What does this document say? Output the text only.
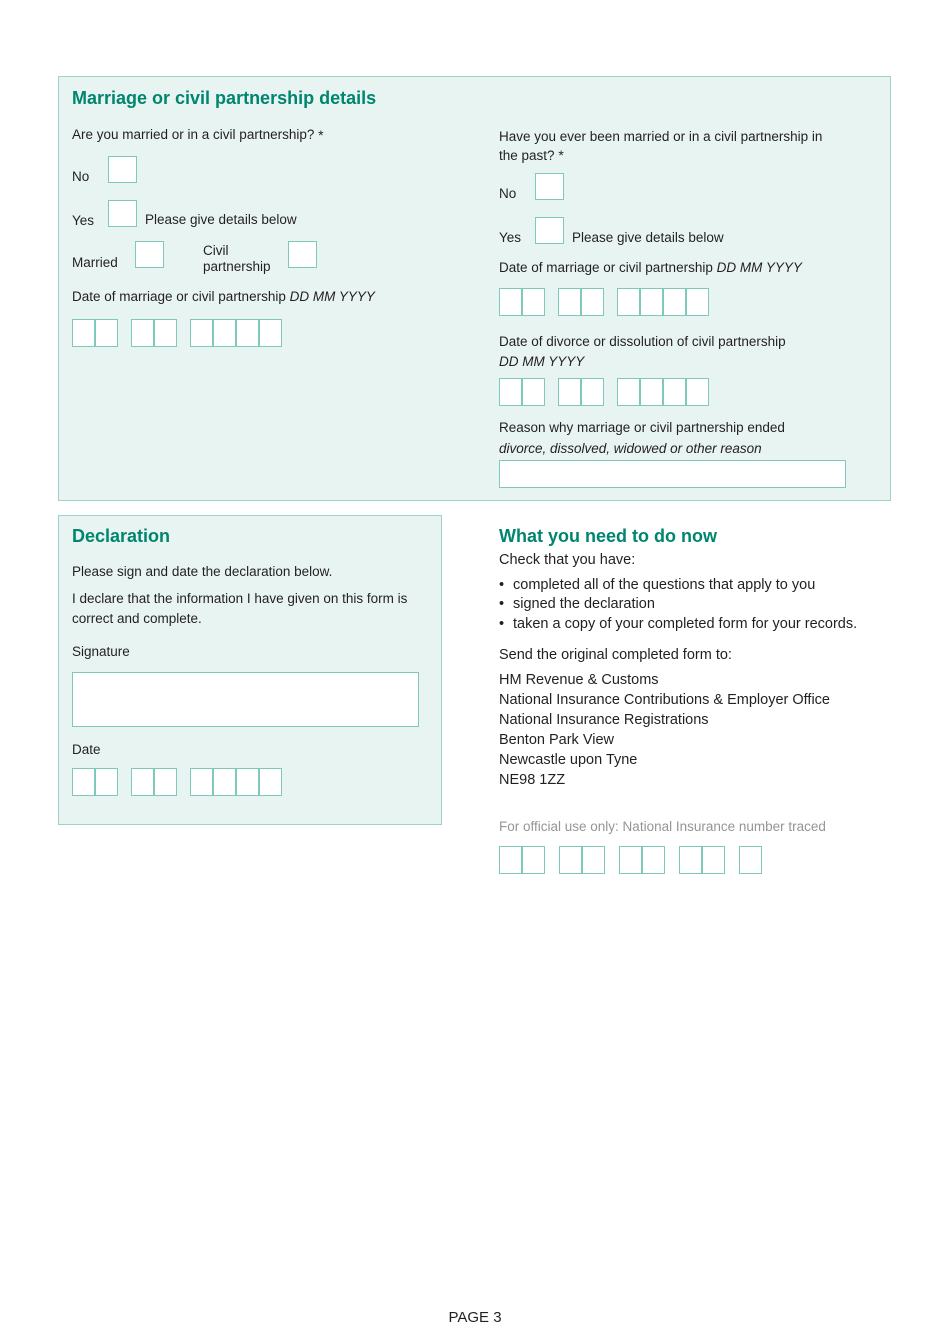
Marriage or civil partnership details
Are you married or in a civil partnership? *
No
Yes	Please give details below
Married
Civil
partnership
Date of marriage or civil partnership DD MM YYYY
Have you ever been married or in a civil partnership in
the past? *
No
Yes	Please give details below
Date of marriage or civil partnership DD MM YYYY
Date of divorce or dissolution of civil partnership
DD MM YYYY
Reason why marriage or civil partnership ended
divorce, dissolved, widowed or other reason
Declaration
Please sign and date the declaration below.
I declare that the information I have given on this form is
correct and complete.
Signature
Date
What you need to do now
Check that you have:
• completed all of the questions that apply to you
• signed the declaration
• taken a copy of your completed form for your records.
Send the original completed form to:
HM Revenue & Customs
National Insurance Contributions & Employer Office
National Insurance Registrations
Benton Park View
Newcastle upon Tyne
NE98 1ZZ
For official use only: National Insurance number traced
PAGE 3
